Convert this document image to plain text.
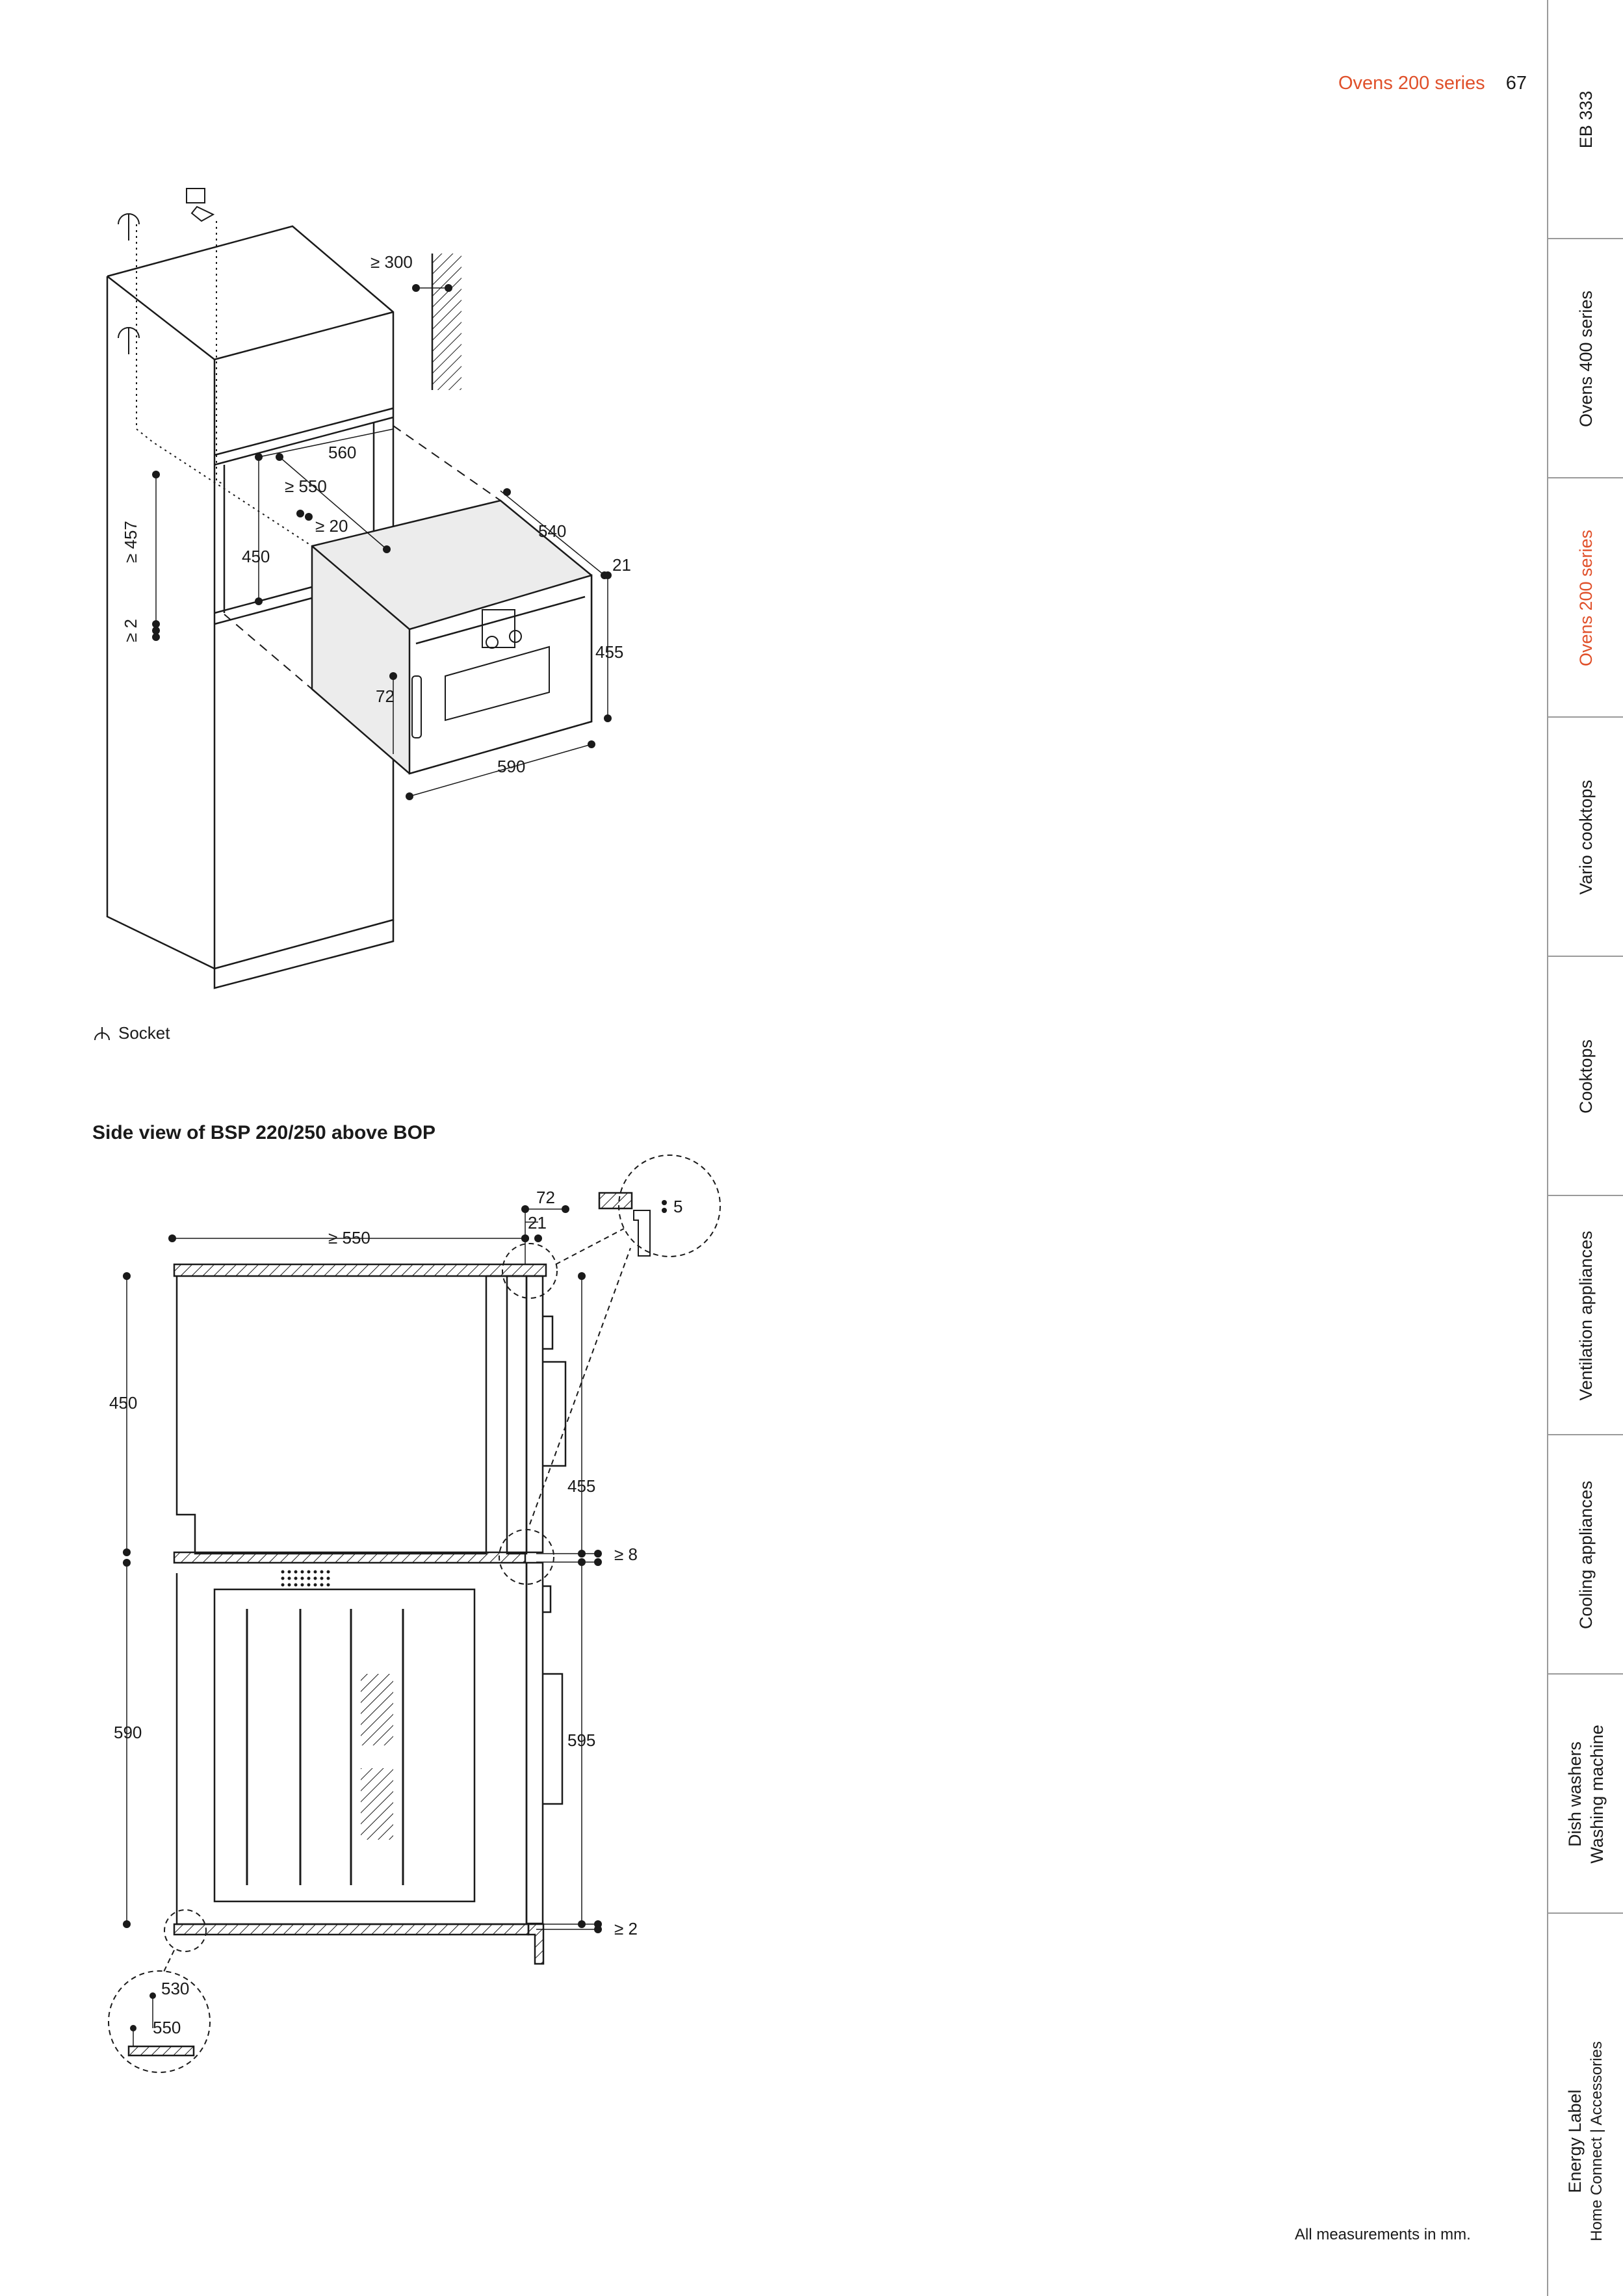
Ovens 200 series 67
≥ 300
560
≥ 550
≥ 20	540
21
≥ 457	450
≥ 2
455
72
590
72
21
≥ 550
5
450
455
≥ 8
590	595
≥ 2
530
550
Socket
Side view of BSP 220/250 above BOP
All measurements in mm.
EB 333
Ovens 400 series
Ovens 200 series
Vario cooktops
Cooktops
Ventilation appliances
Cooling appliances
Dish washers Washing machine
Energy Label Home Connect | Accessories
